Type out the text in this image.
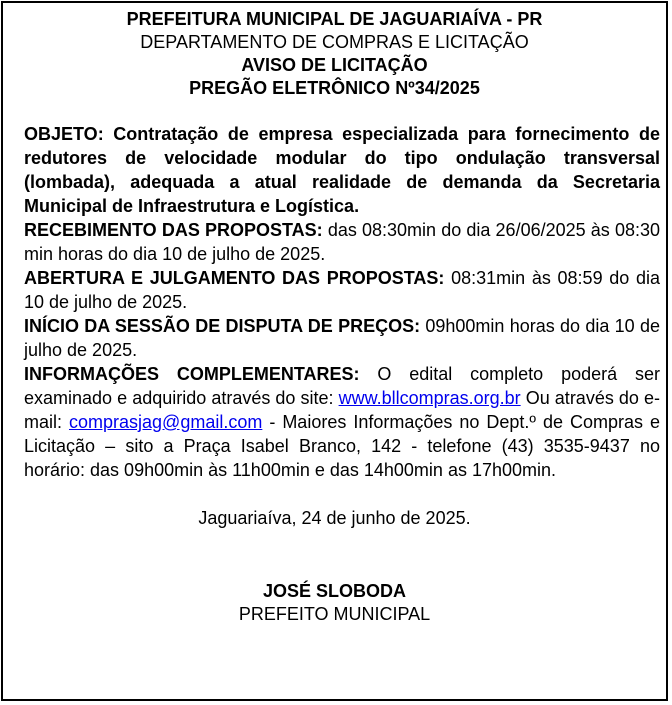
PREFEITURA MUNICIPAL DE JAGUARIAÍVA - PR
DEPARTAMENTO DE COMPRAS E LICITAÇÃO
AVISO DE LICITAÇÃO
PREGÃO ELETRÔNICO Nº34/2025

OBJETO: Contratação de empresa especializada para fornecimento de redutores de velocidade modular do tipo ondulação transversal (lombada), adequada a atual realidade de demanda da Secretaria Municipal de Infraestrutura e Logística.

RECEBIMENTO DAS PROPOSTAS: das 08:30min do dia 26/06/2025 às 08:30 min horas do dia 10 de julho de 2025.

ABERTURA E JULGAMENTO DAS PROPOSTAS: 08:31min às 08:59 do dia 10 de julho de 2025.

INÍCIO DA SESSÃO DE DISPUTA DE PREÇOS: 09h00min horas do dia 10 de julho de 2025.

INFORMAÇÕES COMPLEMENTARES: O edital completo poderá ser examinado e adquirido através do site: www.bllcompras.org.br Ou através do e-mail: comprasjag@gmail.com - Maiores Informações no Dept.º de Compras e Licitação – sito a Praça Isabel Branco, 142 - telefone (43) 3535-9437 no horário: das 09h00min às 11h00min e das 14h00min as 17h00min.

Jaguariaíva, 24 de junho de 2025.
JOSÉ SLOBODA
PREFEITO MUNICIPAL
